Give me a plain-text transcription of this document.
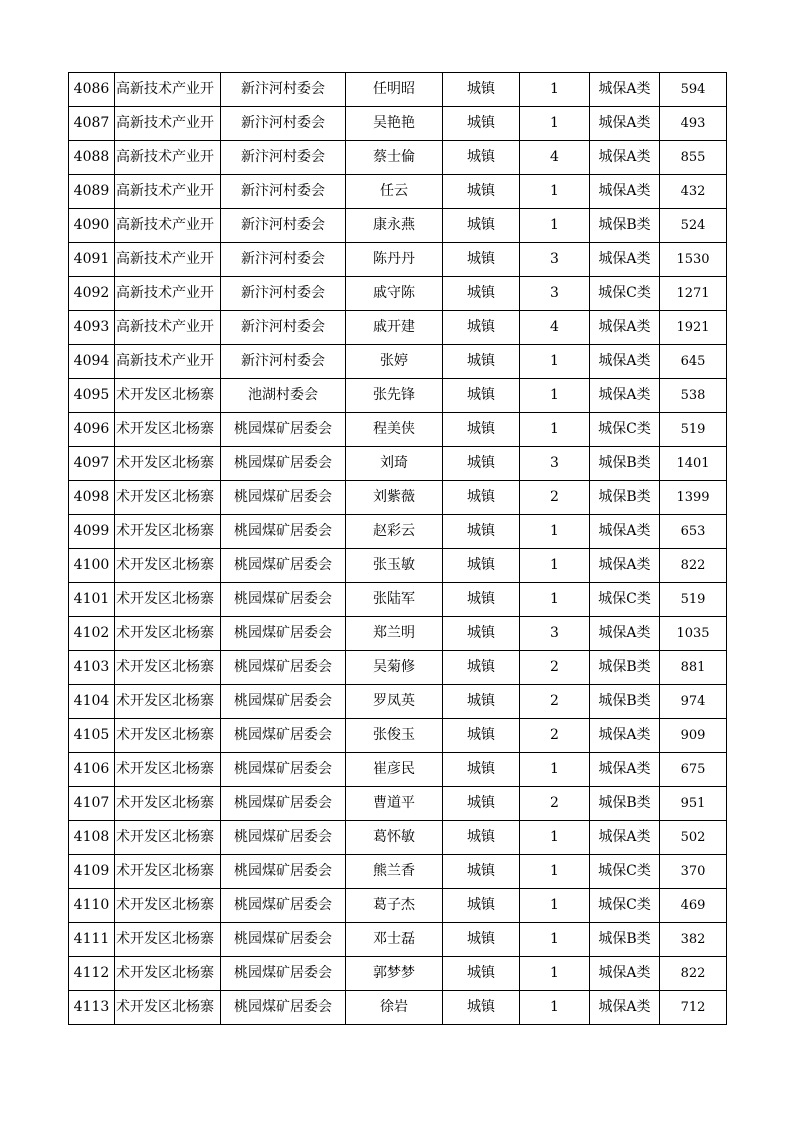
4086	高新技术产业开	新汴河村委会	任明昭	城镇	1	城保A类	594
4087	高新技术产业开	新汴河村委会	吴艳艳	城镇	1	城保A类	493
4088	高新技术产业开	新汴河村委会	蔡士倫	城镇	4	城保A类	855
4089	高新技术产业开	新汴河村委会	任云	城镇	1	城保A类	432
4090	高新技术产业开	新汴河村委会	康永燕	城镇	1	城保B类	524
4091	高新技术产业开	新汴河村委会	陈丹丹	城镇	3	城保A类	1530
4092	高新技术产业开	新汴河村委会	戚守陈	城镇	3	城保C类	1271
4093	高新技术产业开	新汴河村委会	戚开建	城镇	4	城保A类	1921
4094	高新技术产业开	新汴河村委会	张婷	城镇	1	城保A类	645
4095	术开发区北杨寨	池湖村委会	张先锋	城镇	1	城保A类	538
4096	术开发区北杨寨	桃园煤矿居委会	程美侠	城镇	1	城保C类	519
4097	术开发区北杨寨	桃园煤矿居委会	刘琦	城镇	3	城保B类	1401
4098	术开发区北杨寨	桃园煤矿居委会	刘紫薇	城镇	2	城保B类	1399
4099	术开发区北杨寨	桃园煤矿居委会	赵彩云	城镇	1	城保A类	653
4100	术开发区北杨寨	桃园煤矿居委会	张玉敏	城镇	1	城保A类	822
4101	术开发区北杨寨	桃园煤矿居委会	张陆军	城镇	1	城保C类	519
4102	术开发区北杨寨	桃园煤矿居委会	郑兰明	城镇	3	城保A类	1035
4103	术开发区北杨寨	桃园煤矿居委会	吴菊修	城镇	2	城保B类	881
4104	术开发区北杨寨	桃园煤矿居委会	罗凤英	城镇	2	城保B类	974
4105	术开发区北杨寨	桃园煤矿居委会	张俊玉	城镇	2	城保A类	909
4106	术开发区北杨寨	桃园煤矿居委会	崔彦民	城镇	1	城保A类	675
4107	术开发区北杨寨	桃园煤矿居委会	曹道平	城镇	2	城保B类	951
4108	术开发区北杨寨	桃园煤矿居委会	葛怀敏	城镇	1	城保A类	502
4109	术开发区北杨寨	桃园煤矿居委会	熊兰香	城镇	1	城保C类	370
4110	术开发区北杨寨	桃园煤矿居委会	葛子杰	城镇	1	城保C类	469
4111	术开发区北杨寨	桃园煤矿居委会	邓士磊	城镇	1	城保B类	382
4112	术开发区北杨寨	桃园煤矿居委会	郭梦梦	城镇	1	城保A类	822
4113	术开发区北杨寨	桃园煤矿居委会	徐岩	城镇	1	城保A类	712
